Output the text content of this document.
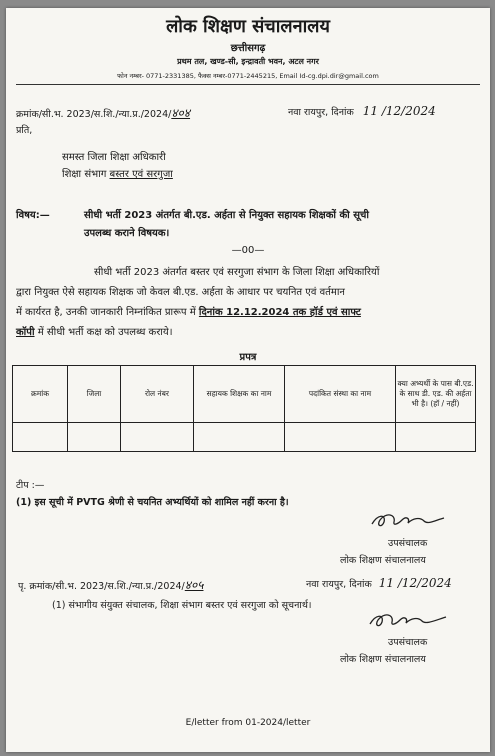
लोक शिक्षण संचालनालय
छत्तीसगढ़
प्रथम तल, खण्ड-सी, इन्द्रावती भवन, अटल नगर
फोन नम्बर- 0771-2331385, फैक्स नम्बर-0771-2445215, Email Id-cg.dpi.dir@gmail.com
क्रमांक/सी.भ. 2023/स.शि./न्या.प्र./2024/४०४	नवा रायपुर, दिनांक 11 /12/2024
प्रति,
समस्त जिला शिक्षा अधिकारी
शिक्षा संभाग बस्तर एवं सरगुजा
विषय:—	सीधी भर्ती 2023 अंतर्गत बी.एड. अर्हता से नियुक्त सहायक शिक्षकों की सूची
उपलब्ध कराने विषयक।
—00—
सीधी भर्ती 2023 अंतर्गत बस्तर एवं सरगुजा संभाग के जिला शिक्षा अधिकारियों
द्वारा नियुक्त ऐसे सहायक शिक्षक जो केवल बी.एड. अर्हता के आधार पर चयनित एवं वर्तमान
में कार्यरत है, उनकी जानकारी निम्नांकित प्रारूप में दिनांक 12.12.2024 तक हॉर्ड एवं साफ्ट
कॉपी में सीधी भर्ती कक्ष को उपलब्ध कराये।
प्रपत्र
क्रमांक	जिला	रोल नंबर	सहायक शिक्षक का नाम	पदांकित संस्था का नाम	क्या अभ्यर्थी के पास बी.एड. के साथ डी. एड. की अर्हता भी है। (हॉ / नहीं)

टीप :—
(1) इस सूची में PVTG श्रेणी से चयनित अभ्यर्थियों को शामिल नहीं करना है।
उपसंचालक
लोक शिक्षण संचालनालय
पृ. क्रमांक/सी.भ. 2023/स.शि./न्या.प्र./2024/४०५	नवा रायपुर, दिनांक 11 /12/2024
(1) संभागीय संयुक्त संचालक, शिक्षा संभाग बस्तर एवं सरगुजा को सूचनार्थ।
उपसंचालक
लोक शिक्षण संचालनालय
E/letter from 01-2024/letter
